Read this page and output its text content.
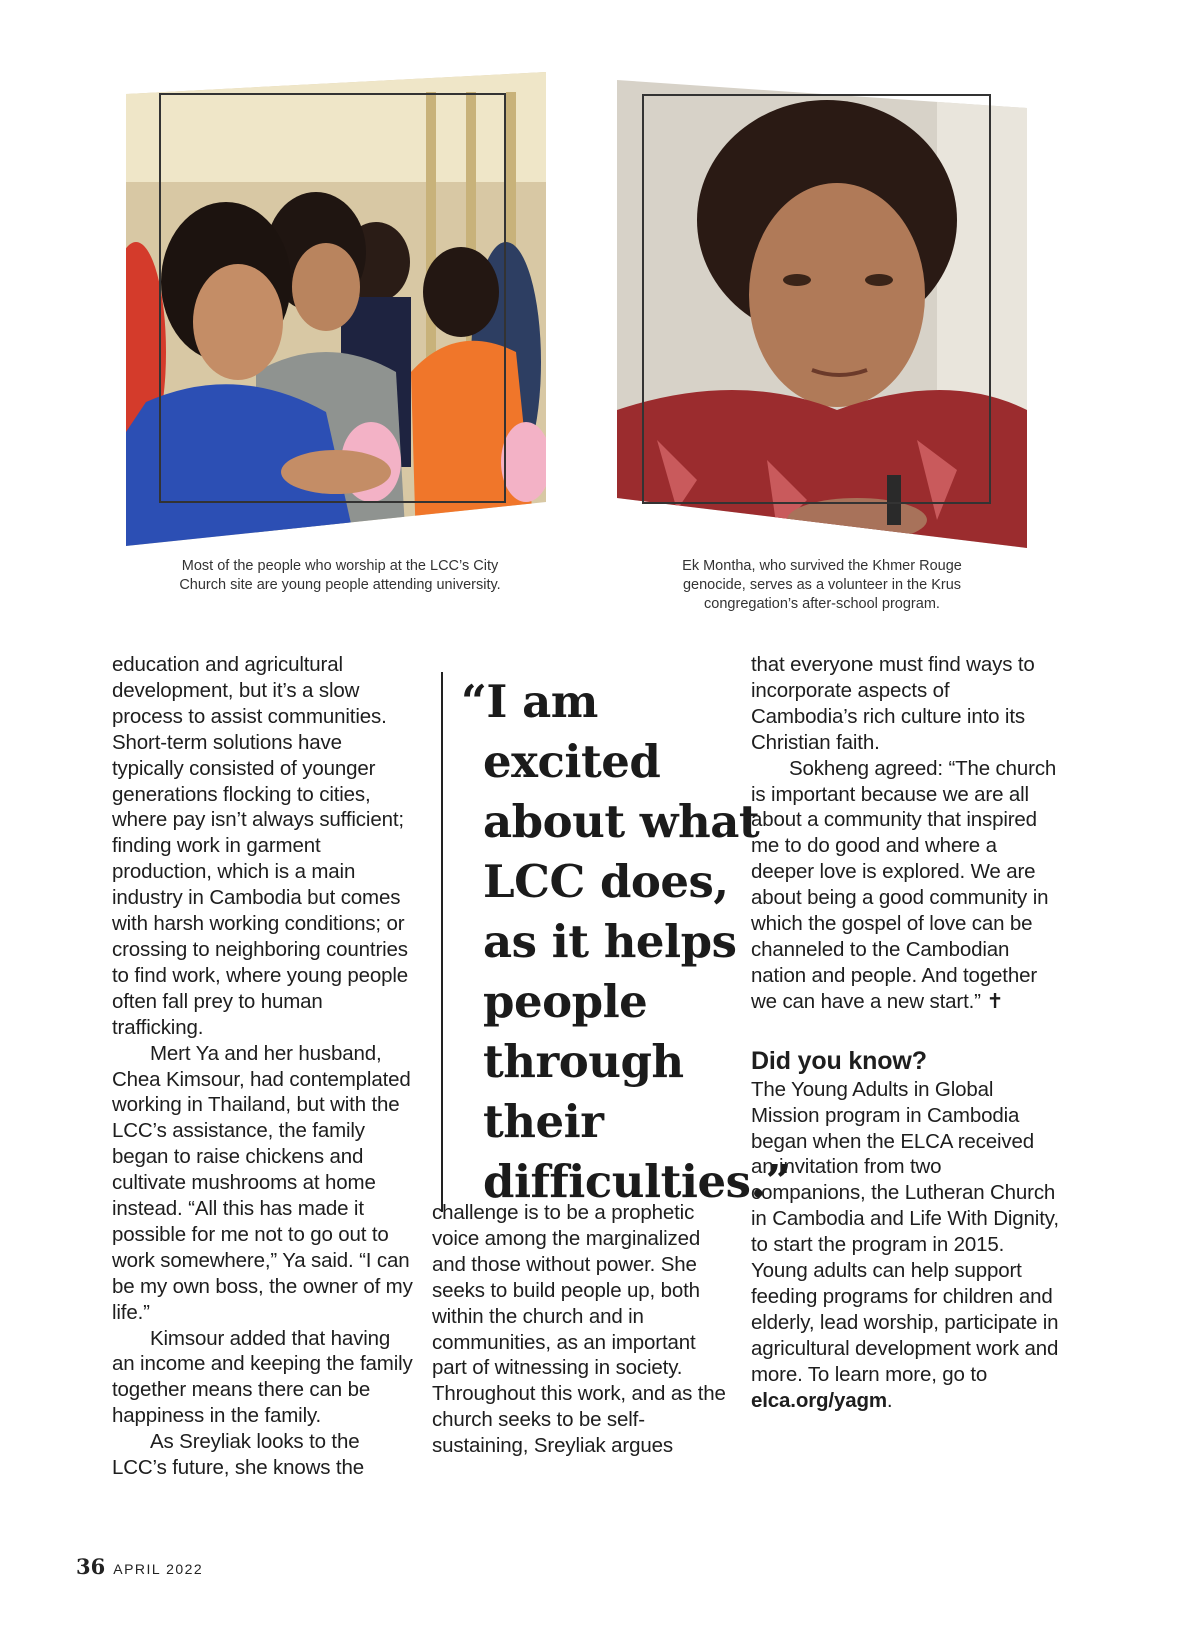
Most of the people who worship at the LCC’s City
Church site are young people attending university.
Ek Montha, who survived the Khmer Rouge
genocide, serves as a volunteer in the Krus
congregation’s after-school program.

education and agricultural development, but it’s a slow process to assist communities. Short-term solutions have typically consisted of younger generations flocking to cities, where pay isn’t always sufficient; finding work in garment production, which is a main industry in Cambodia but comes with harsh working conditions; or crossing to neighboring countries to find work, where young people often fall prey to human trafficking.

Mert Ya and her husband, Chea Kimsour, had contemplated working in Thailand, but with the LCC’s assistance, the family began to raise chickens and cultivate mushrooms at home instead. “All this has made it possible for me not to go out to work somewhere,” Ya said. “I can be my own boss, the owner of my life.”

Kimsour added that having an income and keeping the family together means there can be happiness in the family.

As Sreyliak looks to the LCC’s future, she knows the

“I am
excited
about what
LCC does,
as it helps
people
through
their
difficulties.”

challenge is to be a prophetic voice among the marginalized and those without power. She seeks to build people up, both within the church and in communities, as an important part of witnessing in society. Throughout this work, and as the church seeks to be self-sustaining, Sreyliak argues

that everyone must find ways to incorporate aspects of Cambodia’s rich culture into its Christian faith.

Sokheng agreed: “The church is important because we are all about a community that inspired me to do good and where a deeper love is explored. We are about being a good community in which the gospel of love can be channeled to the Cambodian nation and people. And together we can have a new start.” ✝

Did you know?

The Young Adults in Global Mission program in Cambodia began when the ELCA received an invitation from two companions, the Lutheran Church in Cambodia and Life With Dignity, to start the program in 2015. Young adults can help support feeding programs for children and elderly, lead worship, participate in agricultural development work and more. To learn more, go to elca.org/yagm.

36 APRIL 2022
